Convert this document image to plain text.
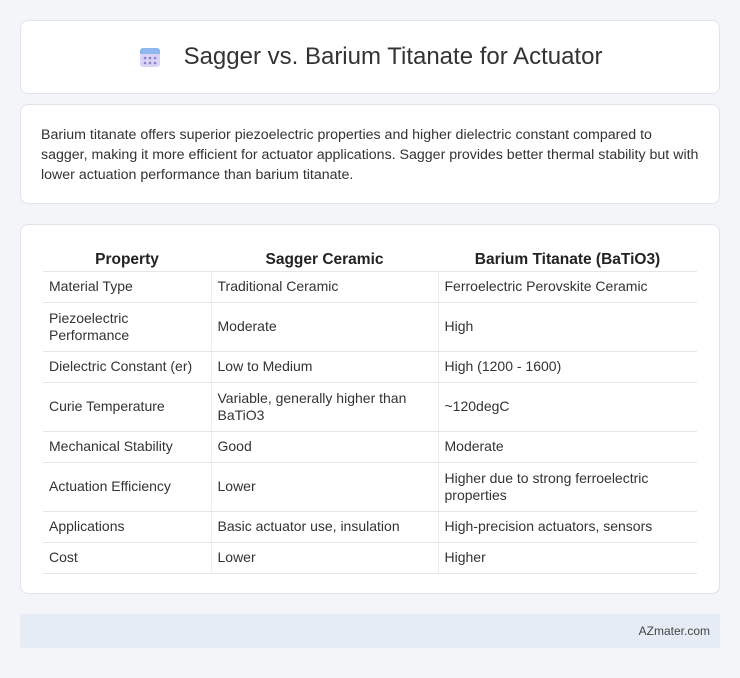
Sagger vs. Barium Titanate for Actuator

Barium titanate offers superior piezoelectric properties and higher dielectric constant compared to sagger, making it more efficient for actuator applications. Sagger provides better thermal stability but with lower actuation performance than barium titanate.

Property	Sagger Ceramic	Barium Titanate (BaTiO3)
Material Type	Traditional Ceramic	Ferroelectric Perovskite Ceramic
Piezoelectric Performance	Moderate	High
Dielectric Constant (er)	Low to Medium	High (1200 - 1600)
Curie Temperature	Variable, generally higher than BaTiO3	~120degC
Mechanical Stability	Good	Moderate
Actuation Efficiency	Lower	Higher due to strong ferroelectric properties
Applications	Basic actuator use, insulation	High-precision actuators, sensors
Cost	Lower	Higher
AZmater.com
